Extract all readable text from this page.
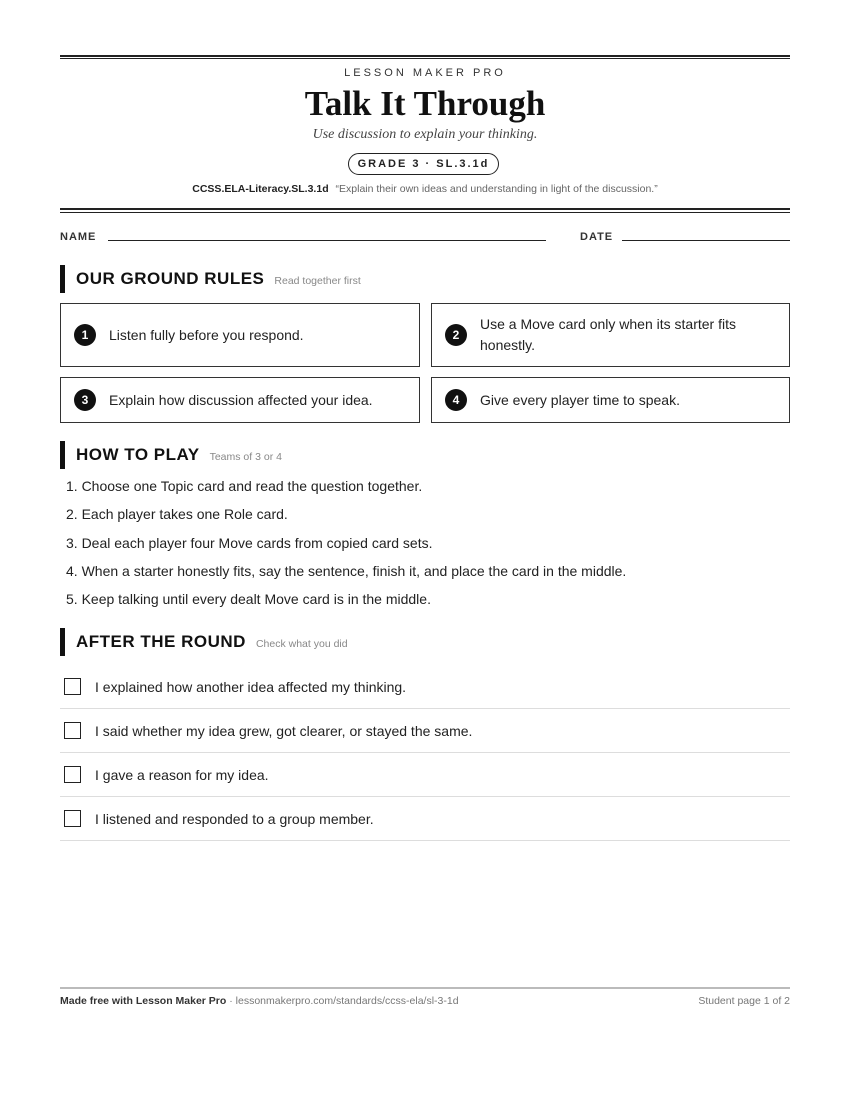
LESSON MAKER PRO
Talk It Through
Use discussion to explain your thinking.
GRADE 3 · SL.3.1d
CCSS.ELA-Literacy.SL.3.1d “Explain their own ideas and understanding in light of the discussion.”
NAME	DATE
OUR GROUND RULES Read together first
1	Listen fully before you respond.	2
Use a Move card only when its starter fits honestly.
3	Explain how discussion affected your idea.	4	Give every player time to speak.
HOW TO PLAY Teams of 3 or 4
1. Choose one Topic card and read the question together.
2. Each player takes one Role card.
3. Deal each player four Move cards from copied card sets.
4. When a starter honestly fits, say the sentence, finish it, and place the card in the middle.
5. Keep talking until every dealt Move card is in the middle.
AFTER THE ROUND Check what you did
I explained how another idea affected my thinking.
I said whether my idea grew, got clearer, or stayed the same.
I gave a reason for my idea.
I listened and responded to a group member.
Made free with Lesson Maker Pro · lessonmakerpro.com/standards/ccss-ela/sl-3-1d	Student page 1 of 2
